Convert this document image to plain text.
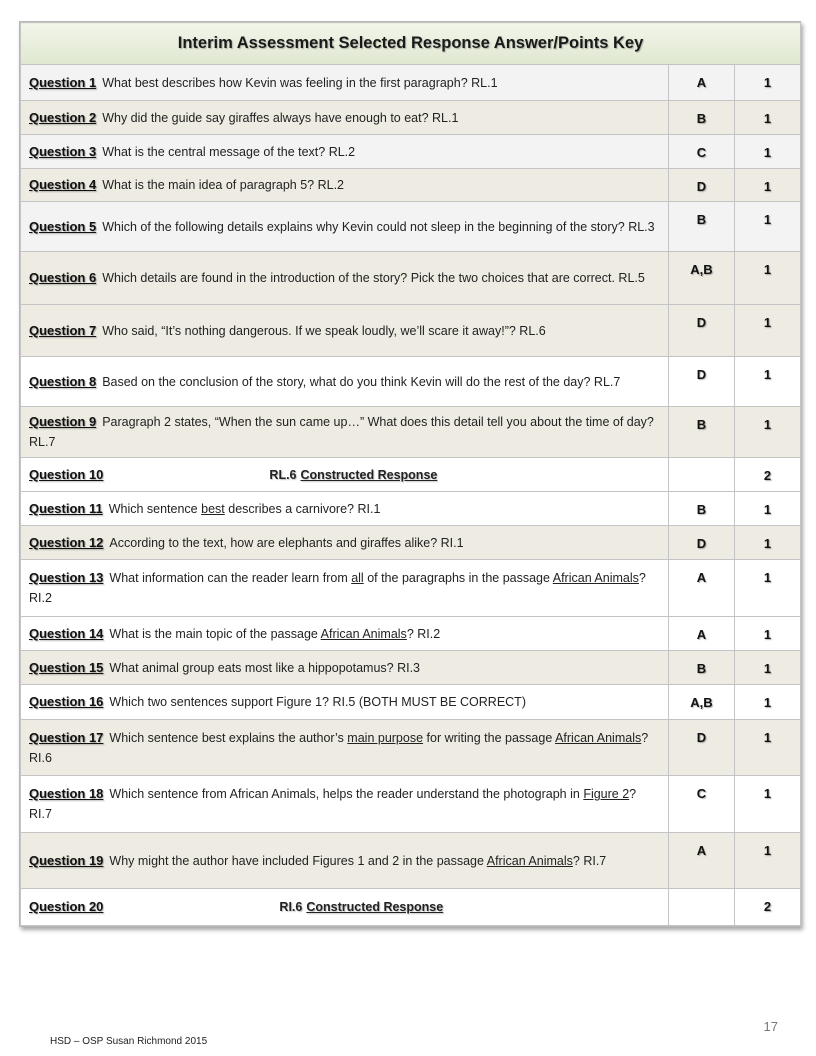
Interim Assessment Selected Response Answer/Points Key		
Question 1 What best describes how Kevin was feeling in the first paragraph? RL.1	A	1
Question 2 Why did the guide say giraffes always have enough to eat? RL.1	B	1
Question 3 What is the central message of the text? RL.2	C	1
Question 4 What is the main idea of paragraph 5? RL.2	D	1
Question 5 Which of the following details explains why Kevin could not sleep in the beginning of the story? RL.3	B	1
Question 6 Which details are found in the introduction of the story? Pick the two choices that are correct. RL.5	A,B	1
Question 7 Who said, “It’s nothing dangerous. If we speak loudly, we’ll scare it away!”? RL.6	D	1
Question 8 Based on the conclusion of the story, what do you think Kevin will do the rest of the day? RL.7	D	1
Question 9 Paragraph 2 states, “When the sun came up…” What does this detail tell you about the time of day? RL.7	B	1
Question 10 RL.6 Constructed Response		2
Question 11 Which sentence best describes a carnivore? RI.1	B	1
Question 12 According to the text, how are elephants and giraffes alike? RI.1	D	1
Question 13 What information can the reader learn from all of the paragraphs in the passage African Animals? RI.2	A	1
Question 14 What is the main topic of the passage African Animals? RI.2	A	1
Question 15 What animal group eats most like a hippopotamus? RI.3	B	1
Question 16 Which two sentences support Figure 1? RI.5 (BOTH MUST BE CORRECT)	A,B	1
Question 17 Which sentence best explains the author’s main purpose for writing the passage African Animals? RI.6	D	1
Question 18 Which sentence from African Animals, helps the reader understand the photograph in Figure 2? RI.7	C	1
Question 19 Why might the author have included Figures 1 and 2 in the passage African Animals? RI.7	A	1
Question 20 RI.6 Constructed Response		2
17
HSD – OSP Susan Richmond 2015
